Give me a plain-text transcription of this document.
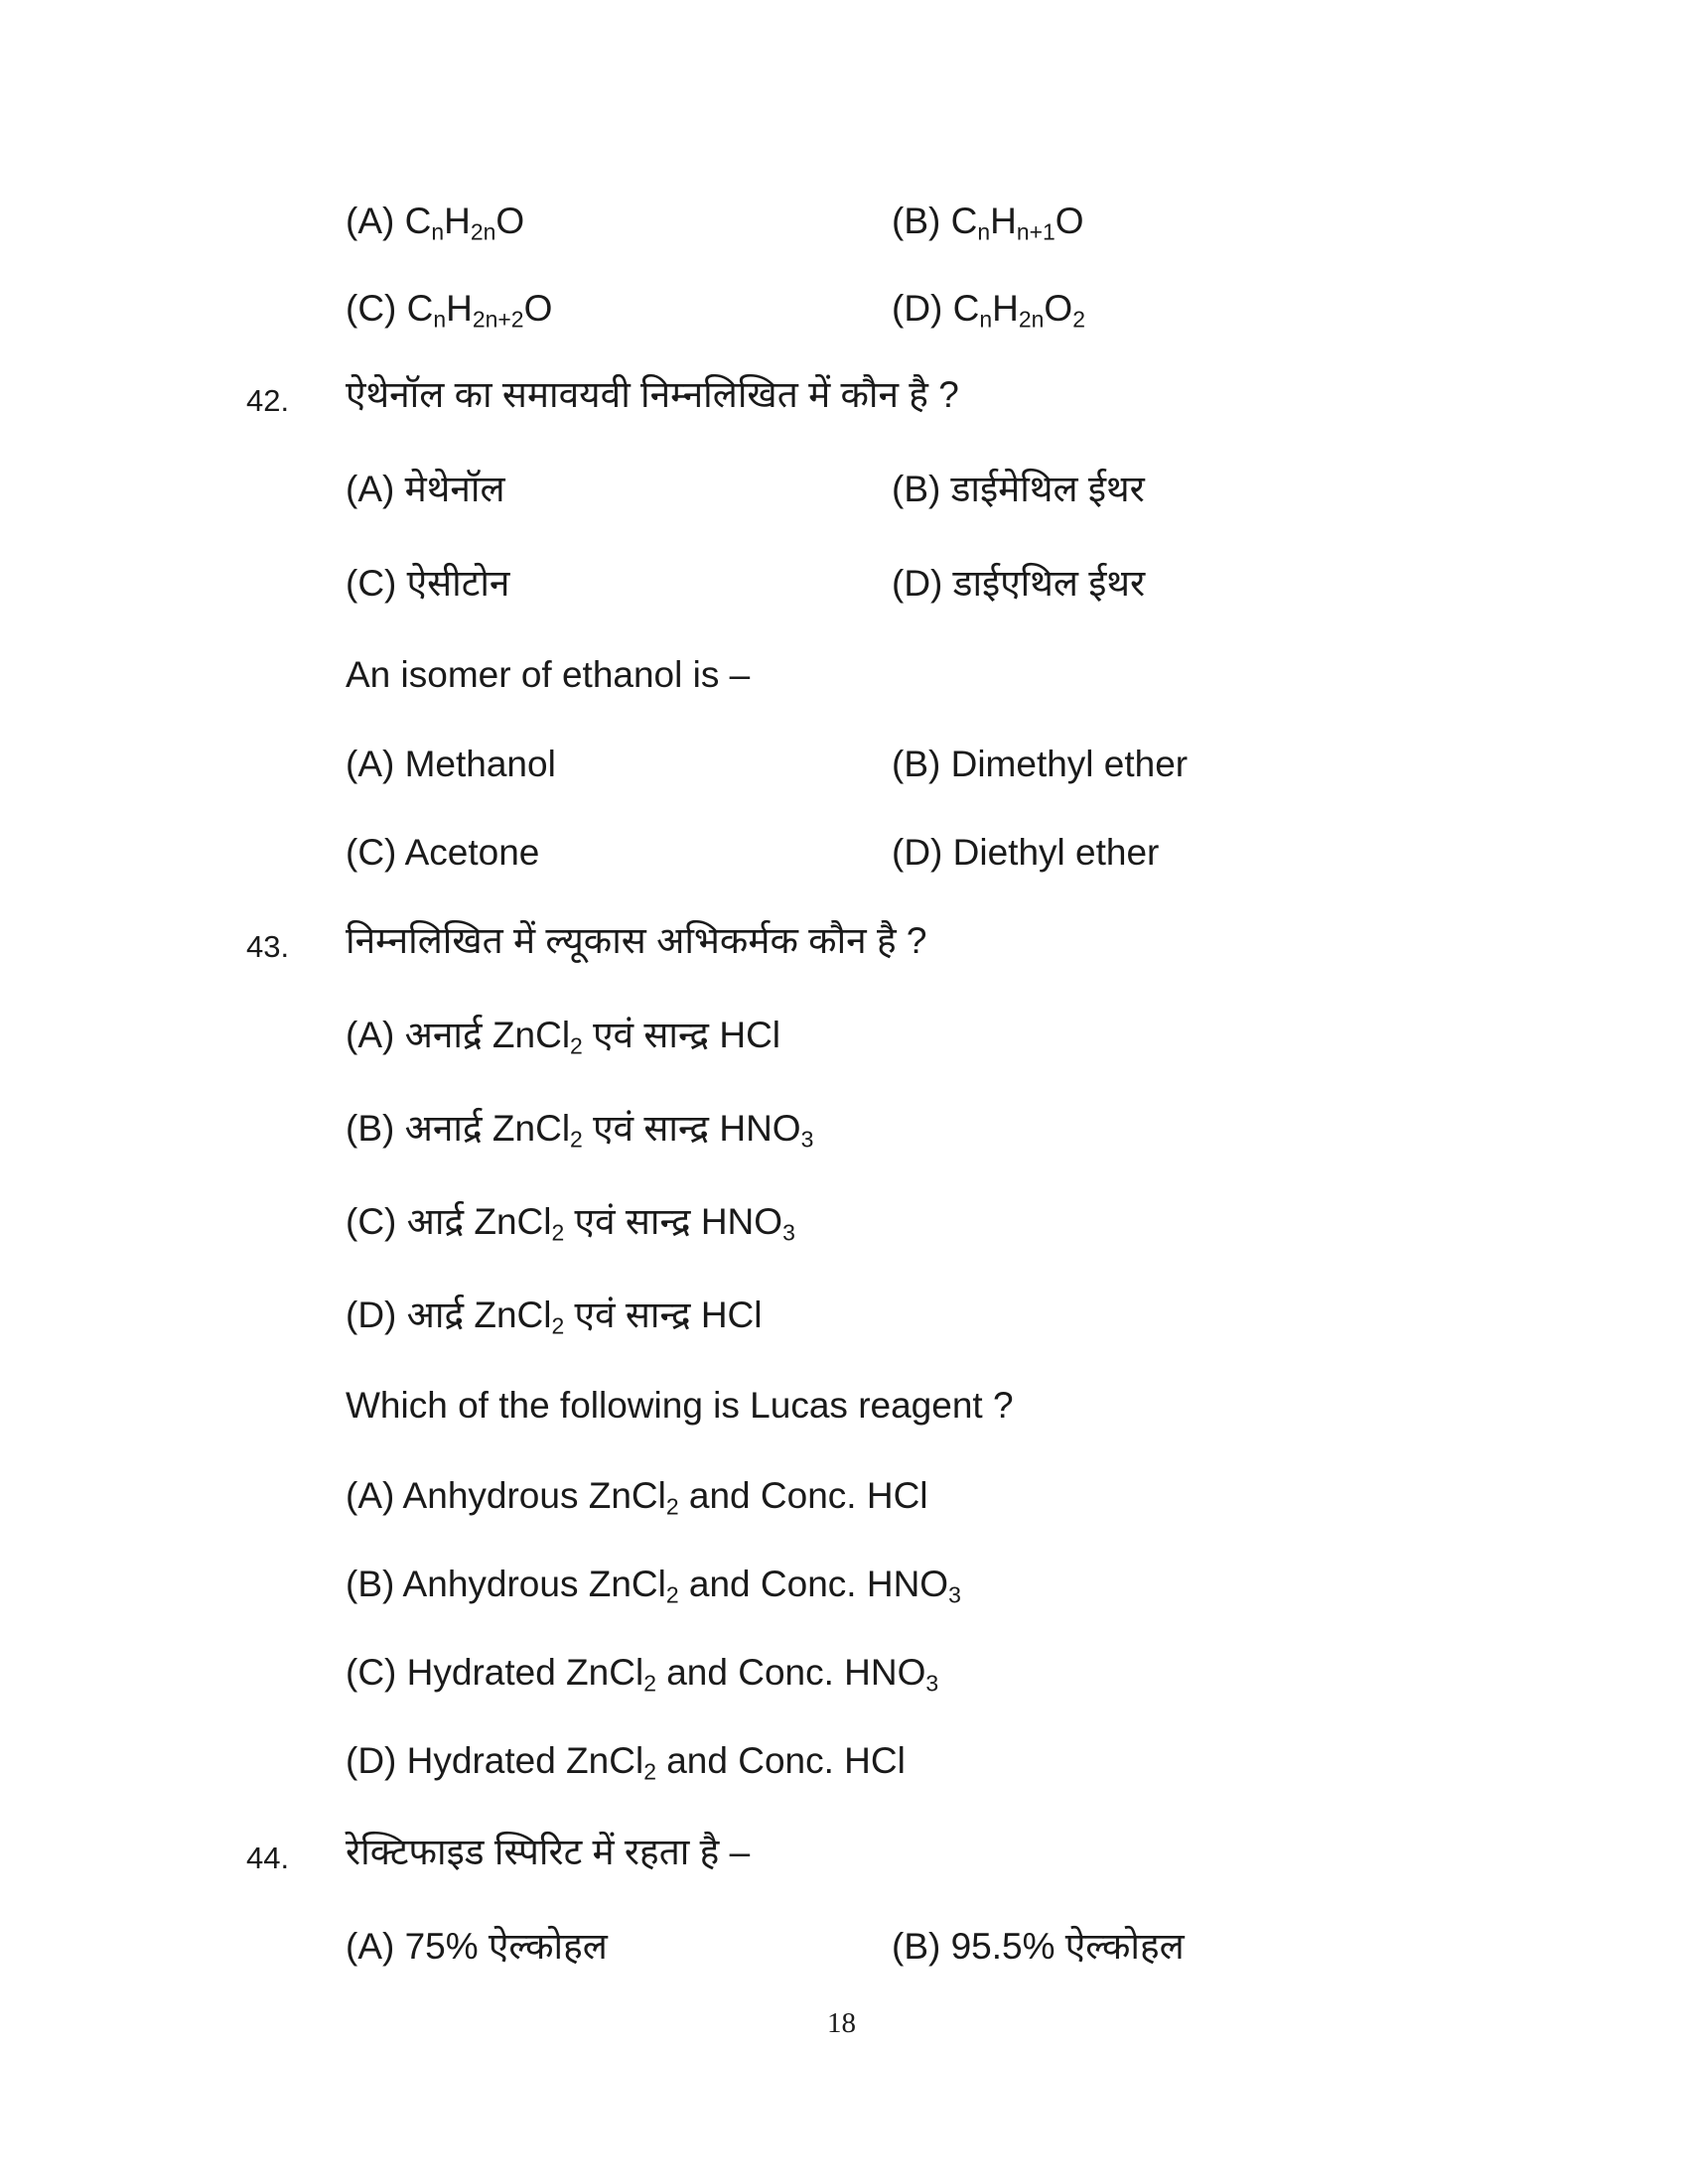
(A) $C_nH_{2n}O$	(B) $C_nH_{n+1}O$
(C) $C_nH_{2n+2}O$	(D) $C_nH_{2n}O_2$
42. ऐथेनॉल का समावयवी निम्नलिखित में कौन है ?
(A) मेथेनॉल	(B) डाईमेथिल ईथर
(C) ऐसीटोन	(D) डाईएथिल ईथर
An isomer of ethanol is –
(A) Methanol	(B) Dimethyl ether
(C) Acetone	(D) Diethyl ether
43. निम्नलिखित में ल्यूकास अभिकर्मक कौन है ?
(A) अनार्द्र ZnCl$_2$ एवं सान्द्र HCl
(B) अनार्द्र ZnCl$_2$ एवं सान्द्र $HNO_3$
(C) आर्द्र ZnCl$_2$ एवं सान्द्र $HNO_3$
(D) आर्द्र ZnCl$_2$ एवं सान्द्र HCl
Which of the following is Lucas reagent ?
(A) Anhydrous ZnCl$_2$ and Conc. HCl
(B) Anhydrous ZnCl$_2$ and Conc. $HNO_3$
(C) Hydrated ZnCl$_2$ and Conc. $HNO_3$
(D) Hydrated ZnCl$_2$ and Conc. HCl
44. रेक्टिफाइड स्पिरिट में रहता है –
(A) 75% ऐल्कोहल	(B) 95.5% ऐल्कोहल
18
